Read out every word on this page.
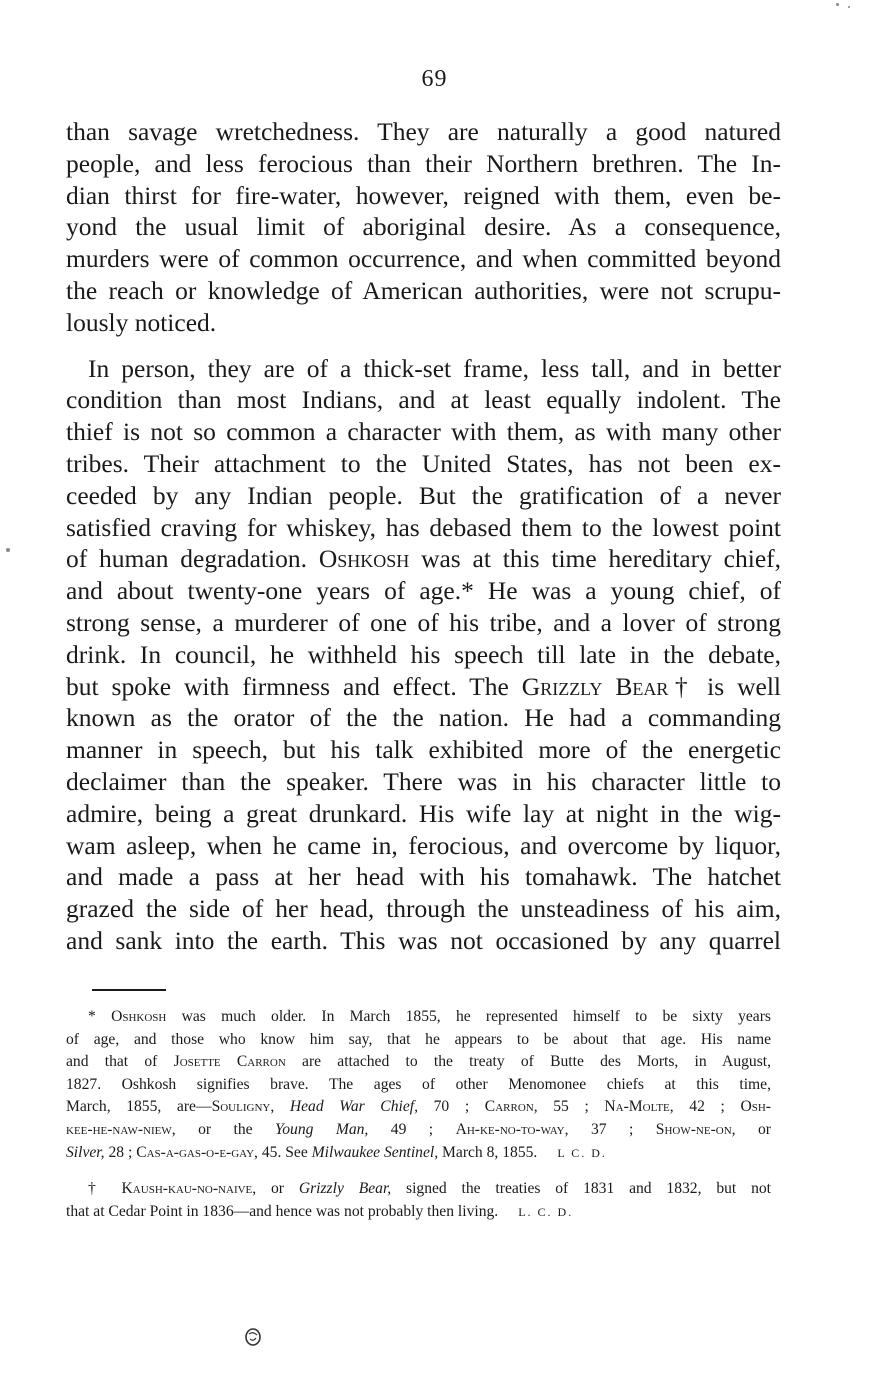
69
than savage wretchedness. They are naturally a good natured
people, and less ferocious than their Northern brethren. The In-
dian thirst for fire-water, however, reigned with them, even be-
yond the usual limit of aboriginal desire. As a consequence,
murders were of common occurrence, and when committed beyond
the reach or knowledge of American authorities, were not scrupu-
lously noticed.
In person, they are of a thick-set frame, less tall, and in better
condition than most Indians, and at least equally indolent. The
thief is not so common a character with them, as with many other
tribes. Their attachment to the United States, has not been ex-
ceeded by any Indian people. But the gratification of a never
satisfied craving for whiskey, has debased them to the lowest point
of human degradation. Oshkosh was at this time hereditary chief,
and about twenty-one years of age.* He was a young chief, of
strong sense, a murderer of one of his tribe, and a lover of strong
drink. In council, he withheld his speech till late in the debate,
but spoke with firmness and effect. The Grizzly Bear† is well
known as the orator of the the nation. He had a commanding
manner in speech, but his talk exhibited more of the energetic
declaimer than the speaker. There was in his character little to
admire, being a great drunkard. His wife lay at night in the wig-
wam asleep, when he came in, ferocious, and overcome by liquor,
and made a pass at her head with his tomahawk. The hatchet
grazed the side of her head, through the unsteadiness of his aim,
and sank into the earth. This was not occasioned by any quarrel
* Oshkosh was much older. In March 1855, he represented himself to be sixty years
of age, and those who know him say, that he appears to be about that age. His name
and that of Josette Carron are attached to the treaty of Butte des Morts, in August,
1827. Oshkosh signifies brave. The ages of other Menomonee chiefs at this time,
March, 1855, are—Souligny, Head War Chief, 70 ; Carron, 55 ; Na-Molte, 42 ; Osh-
kee-he-naw-niew, or the Young Man, 49 ; Ah-ke-no-to-way, 37 ; Show-ne-on, or
Silver, 28 ; Cas-a-gas-o-e-gay, 45. See Milwaukee Sentinel, March 8, 1855. L C. D.
† Kaush-kau-no-naive, or Grizzly Bear, signed the treaties of 1831 and 1832, but not
that at Cedar Point in 1836—and hence was not probably then living. L. C. D.
